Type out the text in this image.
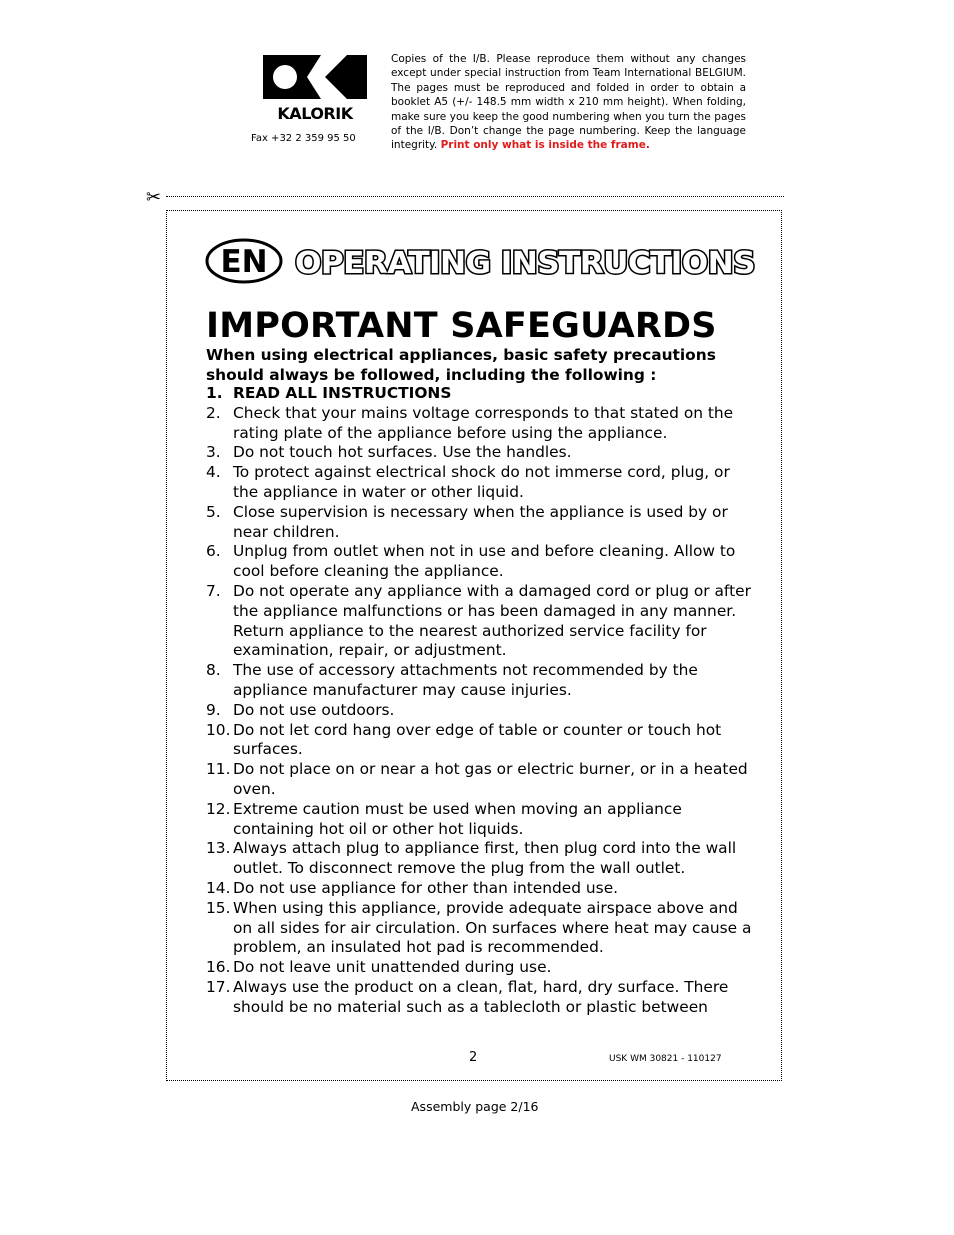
KALORIK
Fax +32 2 359 95 50
Copies of the I/B. Please reproduce them without any changes except under special instruction from Team International BELGIUM. The pages must be reproduced and folded in order to obtain a booklet A5 (+/- 148.5 mm width x 210 mm height). When folding, make sure you keep the good numbering when you turn the pages of the I/B. Don’t change the page numbering. Keep the language integrity. Print only what is inside the frame.
✂
EN OPERATING INSTRUCTIONS
IMPORTANT SAFEGUARDS
When using electrical appliances, basic safety precautions should always be followed, including the following :
1. READ ALL INSTRUCTIONS
2. Check that your mains voltage corresponds to that stated on the rating plate of the appliance before using the appliance.
3. Do not touch hot surfaces. Use the handles.
4. To protect against electrical shock do not immerse cord, plug, or the appliance in water or other liquid.
5. Close supervision is necessary when the appliance is used by or near children.
6. Unplug from outlet when not in use and before cleaning. Allow to cool before cleaning the appliance.
7. Do not operate any appliance with a damaged cord or plug or after the appliance malfunctions or has been damaged in any manner. Return appliance to the nearest authorized service facility for examination, repair, or adjustment.
8. The use of accessory attachments not recommended by the appliance manufacturer may cause injuries.
9. Do not use outdoors.
10. Do not let cord hang over edge of table or counter or touch hot surfaces.
11. Do not place on or near a hot gas or electric burner, or in a heated oven.
12. Extreme caution must be used when moving an appliance containing hot oil or other hot liquids.
13. Always attach plug to appliance first, then plug cord into the wall outlet. To disconnect remove the plug from the wall outlet.
14. Do not use appliance for other than intended use.
15. When using this appliance, provide adequate airspace above and on all sides for air circulation. On surfaces where heat may cause a problem, an insulated hot pad is recommended.
16. Do not leave unit unattended during use.
17. Always use the product on a clean, flat, hard, dry surface. There should be no material such as a tablecloth or plastic between
2	USK WM 30821 - 110127
Assembly page 2/16
